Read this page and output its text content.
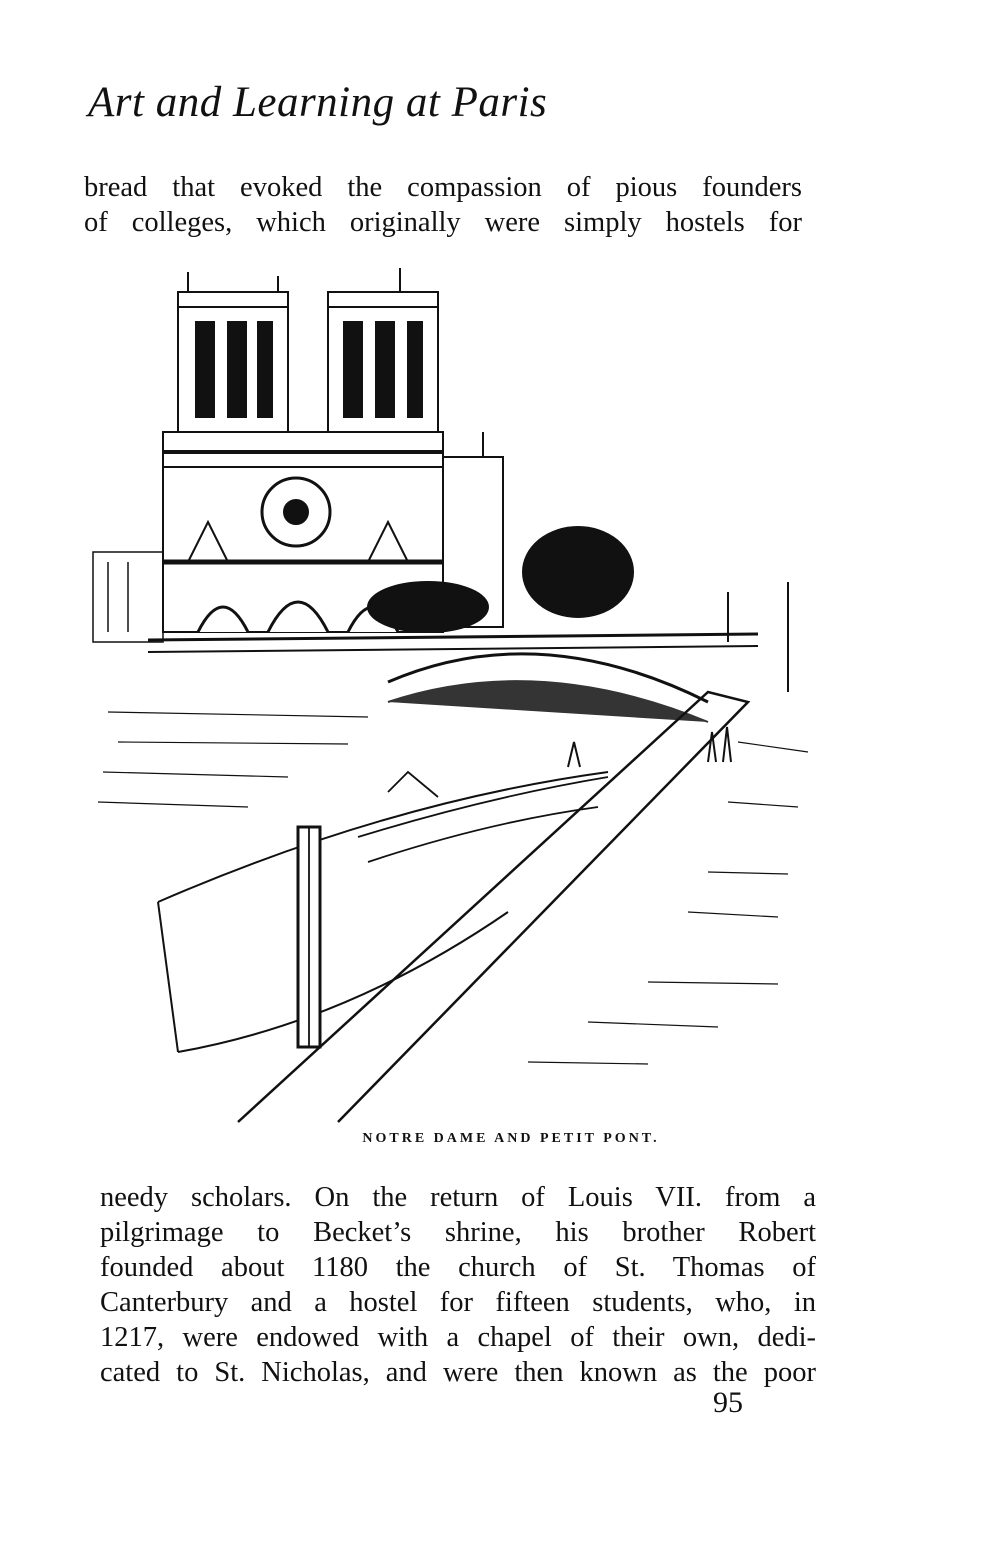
Art and Learning at Paris
bread that evoked the compassion of pious founders
of colleges, which originally were simply hostels for
NOTRE DAME AND PETIT PONT.
needy scholars. On the return of Louis VII. from a
pilgrimage to Becket’s shrine, his brother Robert
founded about 1180 the church of St. Thomas of
Canterbury and a hostel for fifteen students, who, in
1217, were endowed with a chapel of their own, dedi-
cated to St. Nicholas, and were then known as the poor
95
